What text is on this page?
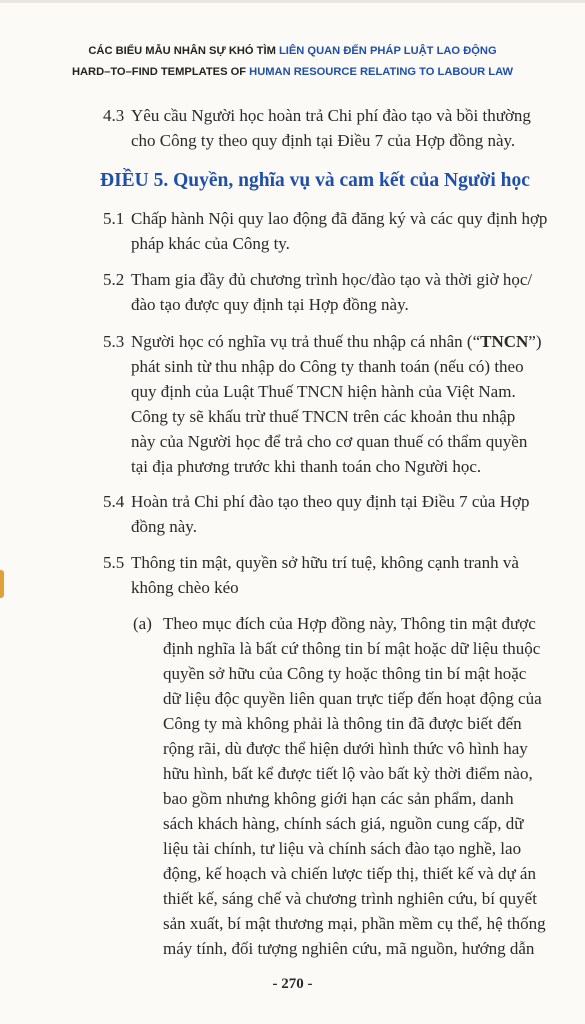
CÁC BIỂU MẪU NHÂN SỰ KHÓ TÌM LIÊN QUAN ĐẾN PHÁP LUẬT LAO ĐỘNG
HARD–TO–FIND TEMPLATES OF HUMAN RESOURCE RELATING TO LABOUR LAW
4.3 Yêu cầu Người học hoàn trả Chi phí đào tạo và bồi thường
cho Công ty theo quy định tại Điều 7 của Hợp đồng này.
ĐIỀU 5. Quyền, nghĩa vụ và cam kết của Người học
5.1 Chấp hành Nội quy lao động đã đăng ký và các quy định hợp
pháp khác của Công ty.
5.2 Tham gia đầy đủ chương trình học/đào tạo và thời giờ học/
đào tạo được quy định tại Hợp đồng này.
5.3 Người học có nghĩa vụ trả thuế thu nhập cá nhân (“TNCN”)
phát sinh từ thu nhập do Công ty thanh toán (nếu có) theo
quy định của Luật Thuế TNCN hiện hành của Việt Nam.
Công ty sẽ khấu trừ thuế TNCN trên các khoản thu nhập
này của Người học để trả cho cơ quan thuế có thẩm quyền
tại địa phương trước khi thanh toán cho Người học.
5.4 Hoàn trả Chi phí đào tạo theo quy định tại Điều 7 của Hợp
đồng này.
5.5 Thông tin mật, quyền sở hữu trí tuệ, không cạnh tranh và
không chèo kéo
(a) Theo mục đích của Hợp đồng này, Thông tin mật được
định nghĩa là bất cứ thông tin bí mật hoặc dữ liệu thuộc
quyền sở hữu của Công ty hoặc thông tin bí mật hoặc
dữ liệu độc quyền liên quan trực tiếp đến hoạt động của
Công ty mà không phải là thông tin đã được biết đến
rộng rãi, dù được thể hiện dưới hình thức vô hình hay
hữu hình, bất kể được tiết lộ vào bất kỳ thời điểm nào,
bao gồm nhưng không giới hạn các sản phẩm, danh
sách khách hàng, chính sách giá, nguồn cung cấp, dữ
liệu tài chính, tư liệu và chính sách đào tạo nghề, lao
động, kế hoạch và chiến lược tiếp thị, thiết kế và dự án
thiết kế, sáng chế và chương trình nghiên cứu, bí quyết
sản xuất, bí mật thương mại, phần mềm cụ thể, hệ thống
máy tính, đối tượng nghiên cứu, mã nguồn, hướng dẫn
- 270 -
